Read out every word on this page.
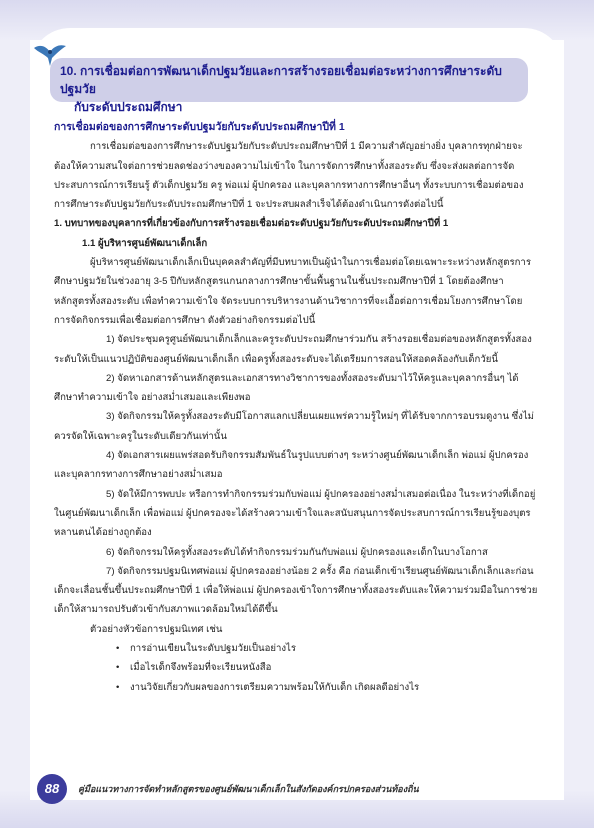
10. การเชื่อมต่อการพัฒนาเด็กปฐมวัยและการสร้างรอยเชื่อมต่อระหว่างการศึกษาระดับปฐมวัย
กับระดับประถมศึกษา

การเชื่อมต่อของการศึกษาระดับปฐมวัยกับระดับประถมศึกษาปีที่ 1

การเชื่อมต่อของการศึกษาระดับปฐมวัยกับระดับประถมศึกษาปีที่ 1 มีความสำคัญอย่างยิ่ง บุคลากรทุกฝ่ายจะต้องให้ความสนใจต่อการช่วยลดช่องว่างของความไม่เข้าใจ ในการจัดการศึกษาทั้งสองระดับ ซึ่งจะส่งผลต่อการจัดประสบการณ์การเรียนรู้ ตัวเด็กปฐมวัย ครู พ่อแม่ ผู้ปกครอง และบุคลากรทางการศึกษาอื่นๆ ทั้งระบบการเชื่อมต่อของการศึกษาระดับปฐมวัยกับระดับประถมศึกษาปีที่ 1 จะประสบผลสำเร็จได้ต้องดำเนินการดังต่อไปนี้

1. บทบาทของบุคลากรที่เกี่ยวข้องกับการสร้างรอยเชื่อมต่อระดับปฐมวัยกับระดับประถมศึกษาปีที่ 1

1.1 ผู้บริหารศูนย์พัฒนาเด็กเล็ก

ผู้บริหารศูนย์พัฒนาเด็กเล็กเป็นบุคคลสำคัญที่มีบทบาทเป็นผู้นำในการเชื่อมต่อโดยเฉพาะระหว่างหลักสูตรการศึกษาปฐมวัยในช่วงอายุ 3-5 ปีกับหลักสูตรแกนกลางการศึกษาขั้นพื้นฐานในชั้นประถมศึกษาปีที่ 1 โดยต้องศึกษาหลักสูตรทั้งสองระดับ เพื่อทำความเข้าใจ จัดระบบการบริหารงานด้านวิชาการที่จะเอื้อต่อการเชื่อมโยงการศึกษาโดยการจัดกิจกรรมเพื่อเชื่อมต่อการศึกษา ดังตัวอย่างกิจกรรมต่อไปนี้

1) จัดประชุมครูศูนย์พัฒนาเด็กเล็กและครูระดับประถมศึกษาร่วมกัน สร้างรอยเชื่อมต่อของหลักสูตรทั้งสองระดับให้เป็นแนวปฏิบัติของศูนย์พัฒนาเด็กเล็ก เพื่อครูทั้งสองระดับจะได้เตรียมการสอนให้สอดคล้องกับเด็กวัยนี้

2) จัดหาเอกสารด้านหลักสูตรและเอกสารทางวิชาการของทั้งสองระดับมาไว้ให้ครูและบุคลากรอื่นๆ ได้ศึกษาทำความเข้าใจ อย่างสม่ำเสมอและเพียงพอ

3) จัดกิจกรรมให้ครูทั้งสองระดับมีโอกาสแลกเปลี่ยนเผยแพร่ความรู้ใหม่ๆ ที่ได้รับจากการอบรมดูงาน ซึ่งไม่ควรจัดให้เฉพาะครูในระดับเดียวกันเท่านั้น

4) จัดเอกสารเผยแพร่สอดรับกิจกรรมสัมพันธ์ในรูปแบบต่างๆ ระหว่างศูนย์พัฒนาเด็กเล็ก พ่อแม่ ผู้ปกครองและบุคลากรทางการศึกษาอย่างสม่ำเสมอ

5) จัดให้มีการพบปะ หรือการทำกิจกรรมร่วมกับพ่อแม่ ผู้ปกครองอย่างสม่ำเสมอต่อเนื่อง ในระหว่างที่เด็กอยู่ในศูนย์พัฒนาเด็กเล็ก เพื่อพ่อแม่ ผู้ปกครองจะได้สร้างความเข้าใจและสนับสนุนการจัดประสบการณ์การเรียนรู้ของบุตรหลานตนได้อย่างถูกต้อง

6) จัดกิจกรรมให้ครูทั้งสองระดับได้ทำกิจกรรมร่วมกันกับพ่อแม่ ผู้ปกครองและเด็กในบางโอกาส

7) จัดกิจกรรมปฐมนิเทศพ่อแม่ ผู้ปกครองอย่างน้อย 2 ครั้ง คือ ก่อนเด็กเข้าเรียนศูนย์พัฒนาเด็กเล็กและก่อนเด็กจะเลื่อนชั้นขึ้นประถมศึกษาปีที่ 1 เพื่อให้พ่อแม่ ผู้ปกครองเข้าใจการศึกษาทั้งสองระดับและให้ความร่วมมือในการช่วยเด็กให้สามารถปรับตัวเข้ากับสภาพแวดล้อมใหม่ได้ดีขึ้น

ตัวอย่างหัวข้อการปฐมนิเทศ เช่น

• การอ่านเขียนในระดับปฐมวัยเป็นอย่างไร
• เมื่อไรเด็กจึงพร้อมที่จะเรียนหนังสือ
• งานวิจัยเกี่ยวกับผลของการเตรียมความพร้อมให้กับเด็ก เกิดผลดีอย่างไร
88	คู่มือแนวทางการจัดทำหลักสูตรของศูนย์พัฒนาเด็กเล็กในสังกัดองค์กรปกครองส่วนท้องถิ่น
